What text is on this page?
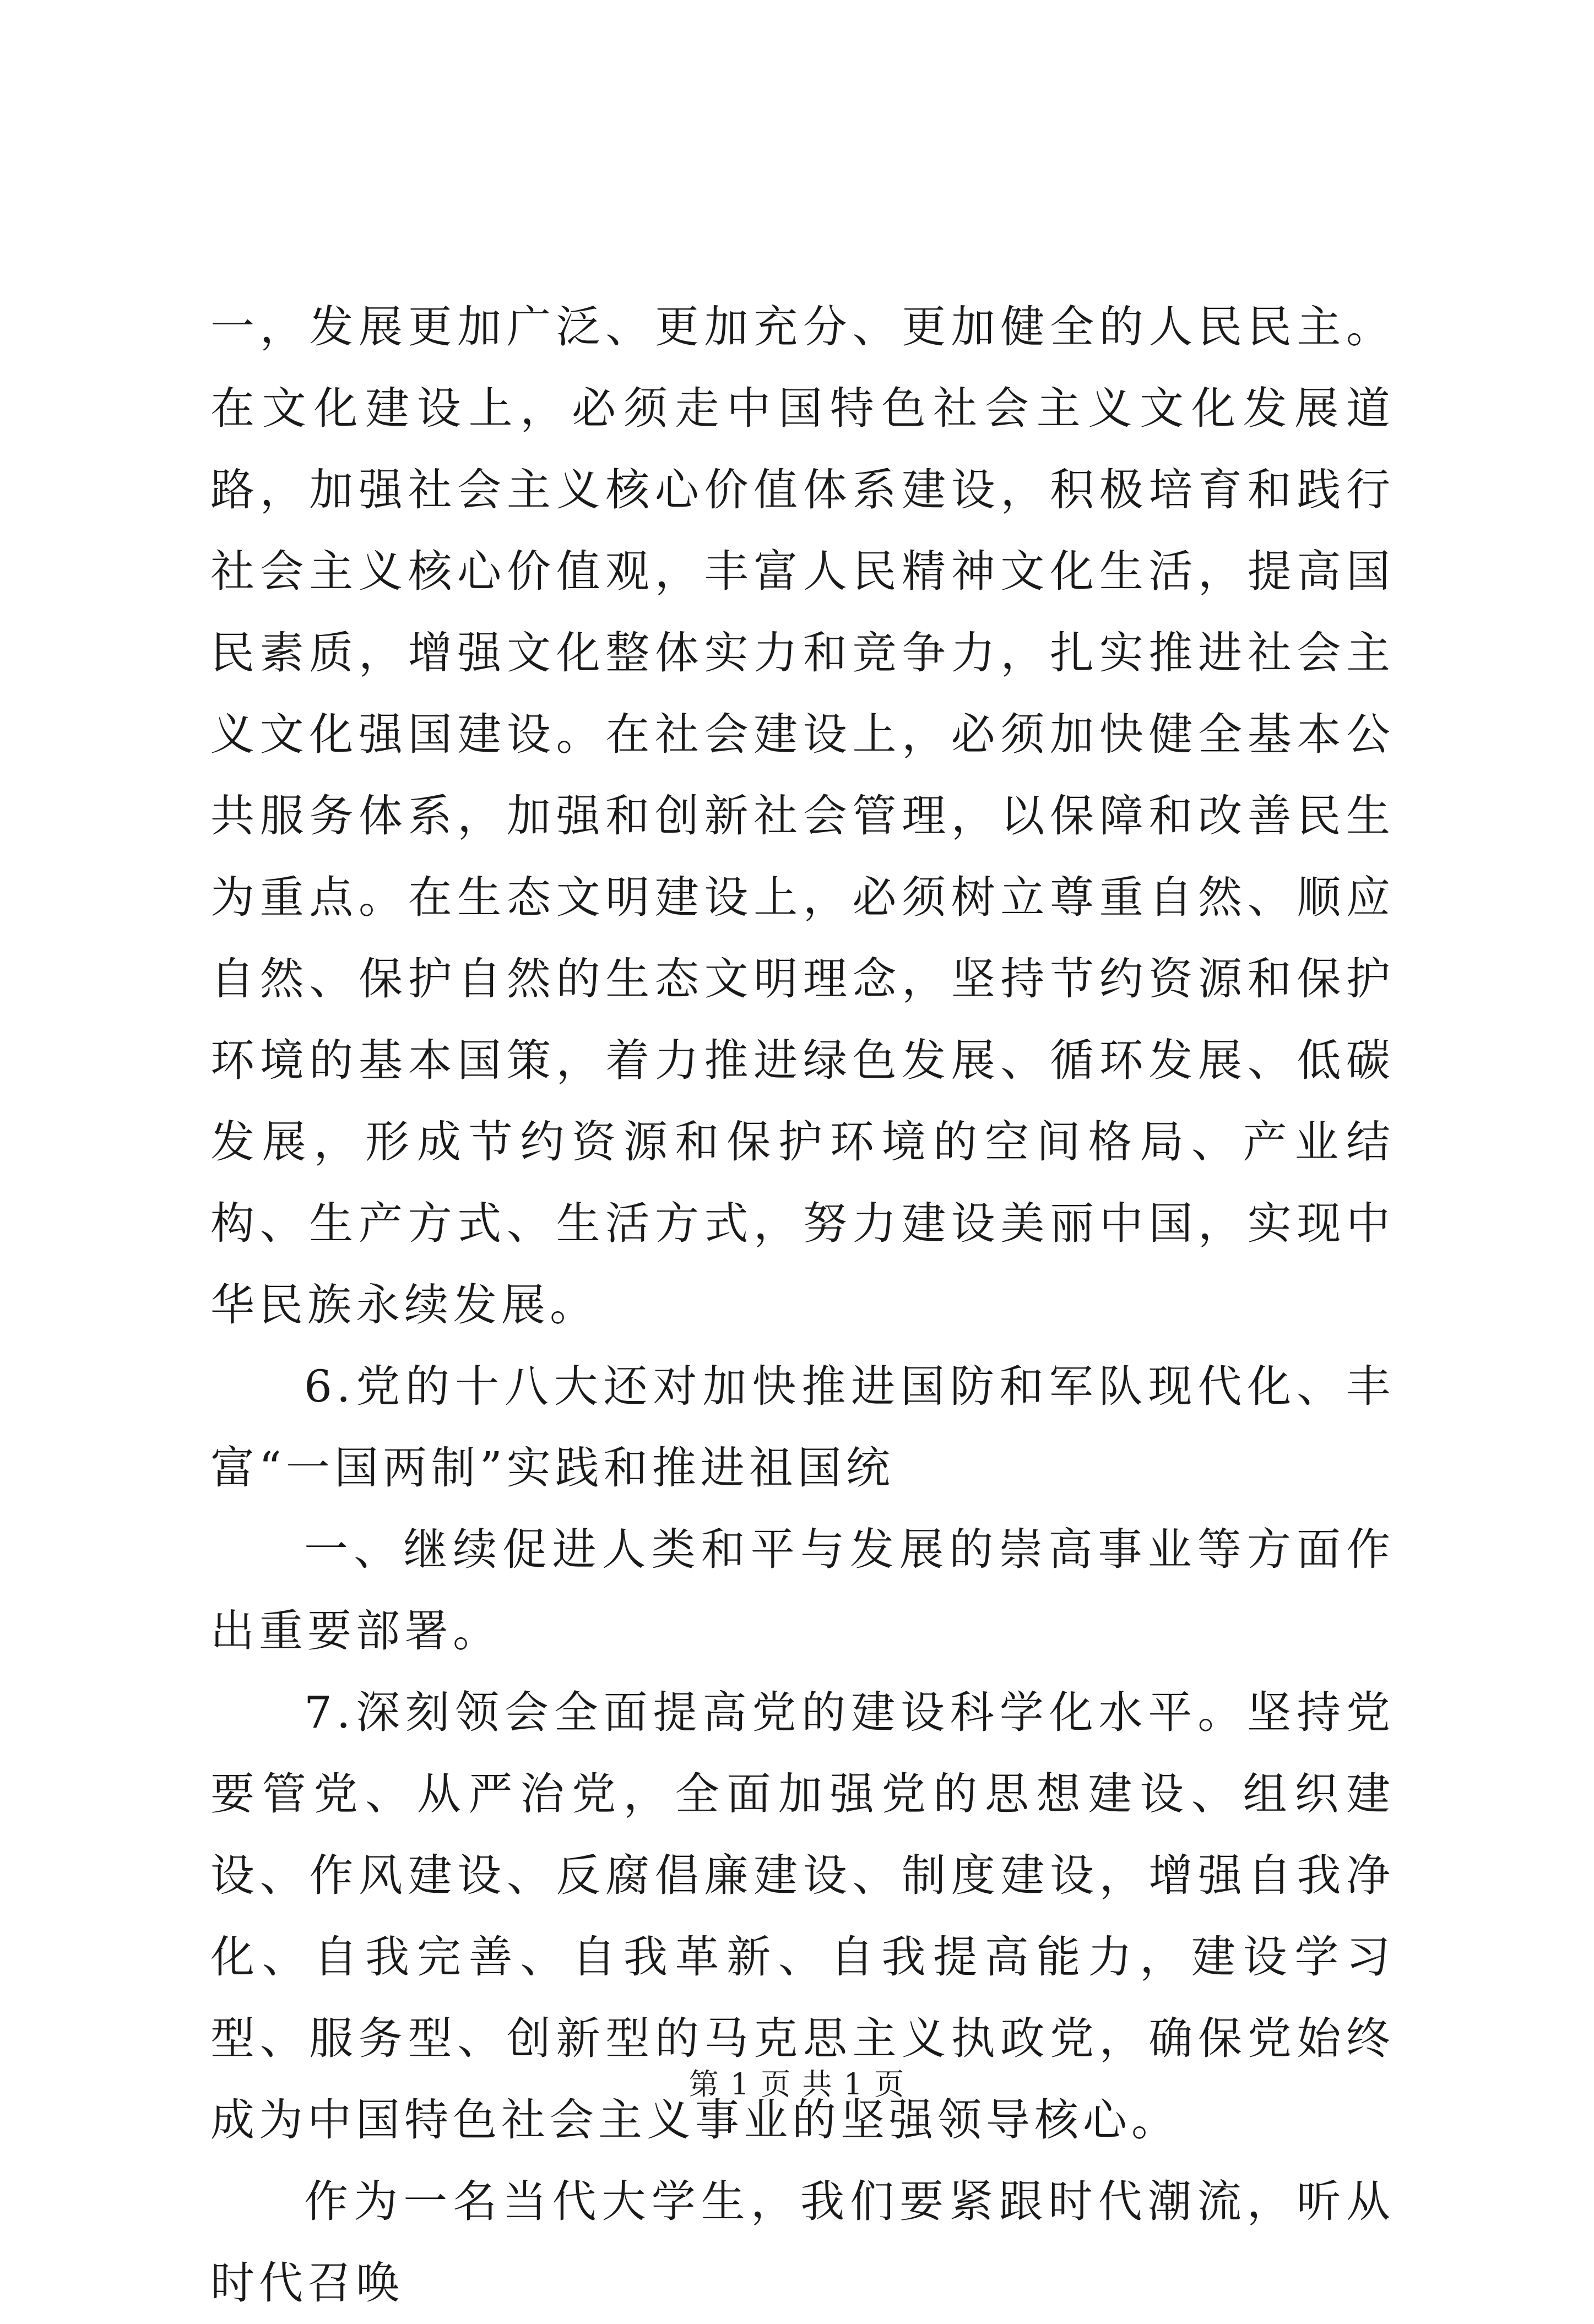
一，发展更加广泛、更加充分、更加健全的人民民主。在文化建设上，必须走中国特色社会主义文化发展道路，加强社会主义核心价值体系建设，积极培育和践行社会主义核心价值观，丰富人民精神文化生活，提高国民素质，增强文化整体实力和竞争力，扎实推进社会主义文化强国建设。在社会建设上，必须加快健全基本公共服务体系，加强和创新社会管理，以保障和改善民生为重点。在生态文明建设上，必须树立尊重自然、顺应自然、保护自然的生态文明理念，坚持节约资源和保护环境的基本国策，着力推进绿色发展、循环发展、低碳发展，形成节约资源和保护环境的空间格局、产业结构、生产方式、生活方式，努力建设美丽中国，实现中华民族永续发展。

6.党的十八大还对加快推进国防和军队现代化、丰富“一国两制”实践和推进祖国统

一、继续促进人类和平与发展的崇高事业等方面作出重要部署。

7.深刻领会全面提高党的建设科学化水平。坚持党要管党、从严治党，全面加强党的思想建设、组织建设、作风建设、反腐倡廉建设、制度建设，增强自我净化、自我完善、自我革新、自我提高能力，建设学习型、服务型、创新型的马克思主义执政党，确保党始终成为中国特色社会主义事业的坚强领导核心。

作为一名当代大学生，我们要紧跟时代潮流，听从时代召唤

第 1 页 共 1 页
